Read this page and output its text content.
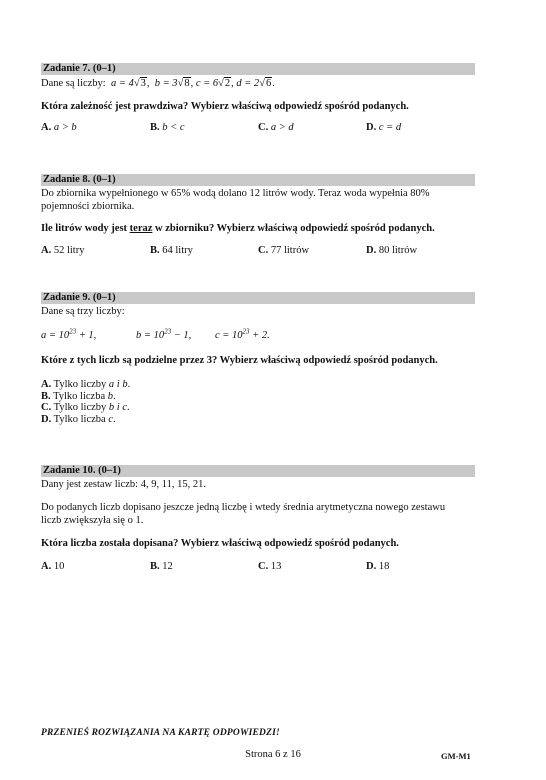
Zadanie 7. (0–1)
Dane są liczby: a = 4√3,  b = 3√8, c = 6√2, d = 2√6.
Która zależność jest prawdziwa? Wybierz właściwą odpowiedź spośród podanych.
A. a > b	B. b < c	C. a > d	D. c = d
Zadanie 8. (0–1)
Do zbiornika wypełnionego w 65% wodą dolano 12 litrów wody. Teraz woda wypełnia 80%
pojemności zbiornika.
Ile litrów wody jest teraz w zbiorniku? Wybierz właściwą odpowiedź spośród podanych.
A. 52 litry	B. 64 litry	C. 77 litrów	D. 80 litrów
Zadanie 9. (0–1)
Dane są trzy liczby:
$a = 10^{23} + 1$,	$b = 10^{23} - 1$, $c = 10^{23} + 2$.
Które z tych liczb są podzielne przez 3? Wybierz właściwą odpowiedź spośród podanych.
A. Tylko liczby a i b.
B. Tylko liczba b.
C. Tylko liczby b i c.
D. Tylko liczba c.
Zadanie 10. (0–1)
Dany jest zestaw liczb: 4, 9, 11, 15, 21.
Do podanych liczb dopisano jeszcze jedną liczbę i wtedy średnia arytmetyczna nowego zestawu
liczb zwiększyła się o 1.
Która liczba została dopisana? Wybierz właściwą odpowiedź spośród podanych.
A. 10	B. 12	C. 13	D. 18
PRZENIEŚ ROZWIĄZANIA NA KARTĘ ODPOWIEDZI!
Strona 6 z 16	GM-M1
